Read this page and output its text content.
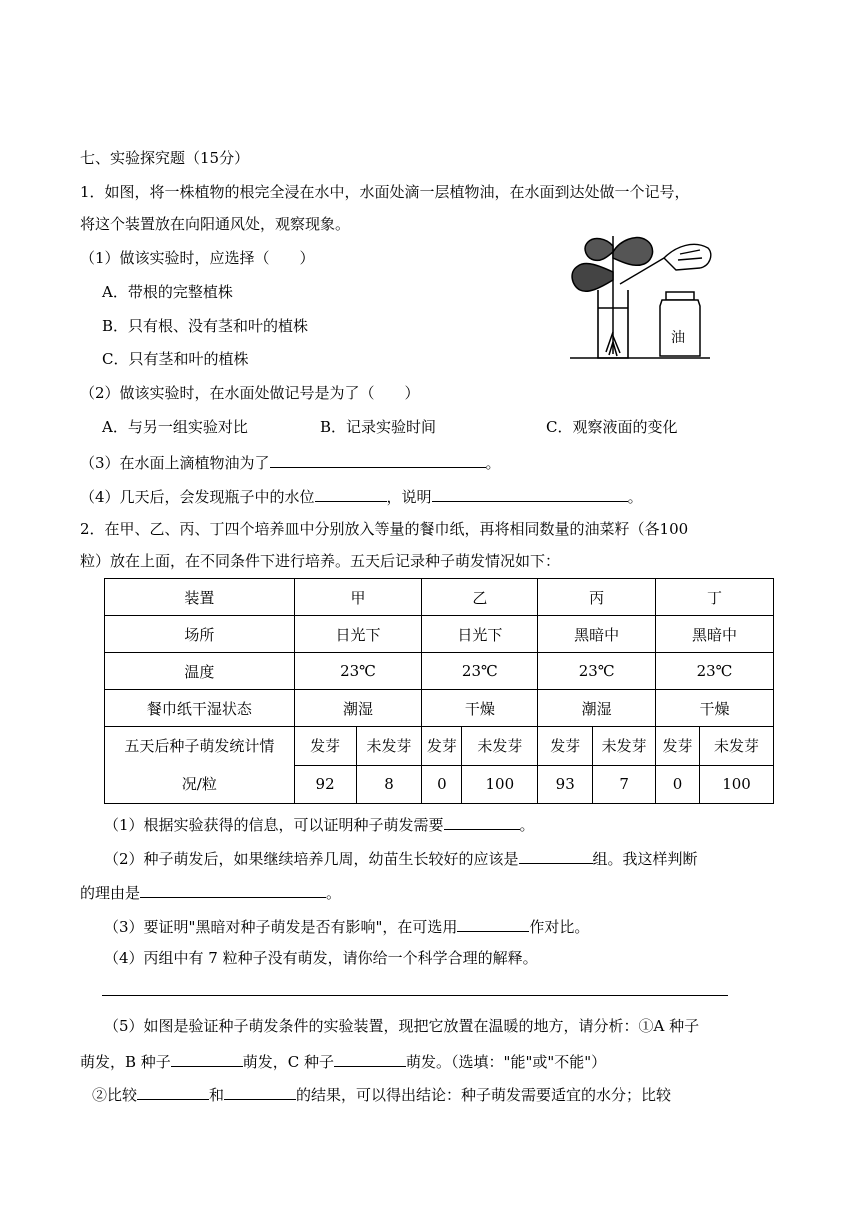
七、实验探究题（15分）
1．如图，将一株植物的根完全浸在水中，水面处滴一层植物油，在水面到达处做一个记号，
将这个装置放在向阳通风处，观察现象。
（1）做该实验时，应选择（　　）
A．带根的完整植株
B．只有根、没有茎和叶的植株
C．只有茎和叶的植株
（2）做该实验时，在水面处做记号是为了（　　）
A．与另一组实验对比	B．记录实验时间	C．观察液面的变化
（3）在水面上滴植物油为了	。
（4）几天后，会发现瓶子中的水位	，说明	。
油
2．在甲、乙、丙、丁四个培养皿中分别放入等量的餐巾纸，再将相同数量的油菜籽（各100
粒）放在上面，在不同条件下进行培养。五天后记录种子萌发情况如下：
装置	甲		乙		丙		丁	
场所	日光下		日光下		黑暗中		黑暗中	
温度	23℃		23℃		23℃		23℃	
餐巾纸干湿状态	潮湿		干燥		潮湿		干燥	

五天后种子萌发统计情
况/粒	发芽	未发芽	发芽	未发芽	发芽	未发芽	发芽	未发芽
	92	8	0	100	93	7	0	100
（1）根据实验获得的信息，可以证明种子萌发需要	。
（2）种子萌发后，如果继续培养几周，幼苗生长较好的应该是	组。我这样判断
的理由是	。
（3）要证明"黑暗对种子萌发是否有影响"，在可选用	作对比。
（4）丙组中有 7 粒种子没有萌发，请你给一个科学合理的解释。
（5）如图是验证种子萌发条件的实验装置，现把它放置在温暖的地方，请分析：①A 种子
萌发，B 种子	萌发，C 种子	萌发。（选填："能"或"不能"）
②比较	和	的结果，可以得出结论：种子萌发需要适宜的水分；比较
